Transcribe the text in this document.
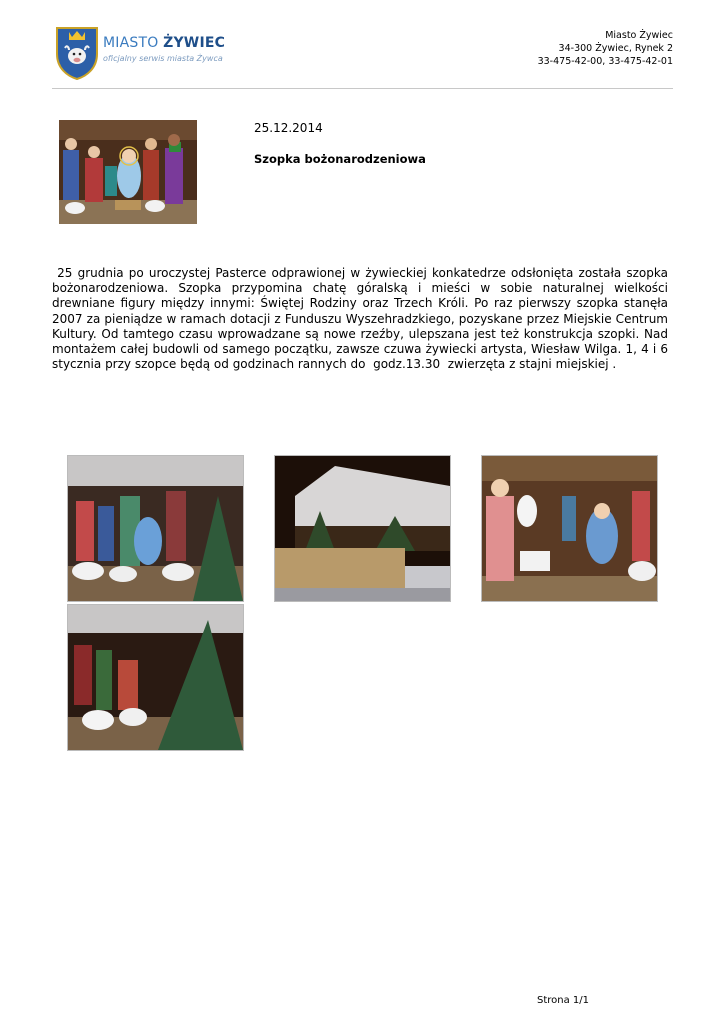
MIASTO ŻYWIEC
oficjalny serwis miasta Żywca
Miasto Żywiec
34-300 Żywiec, Rynek 2
33-475-42-00, 33-475-42-01
25.12.2014
Szopka bożonarodzeniowa
25 grudnia po uroczystej Pasterce odprawionej w żywieckiej konkatedrze odsłonięta została szopka bożonarodzeniowa. Szopka przypomina chatę góralską i mieści w sobie naturalnej wielkości drewniane figury między innymi: Świętej Rodziny oraz Trzech Króli. Po raz pierwszy szopka stanęła 2007 za pieniądze w ramach dotacji z Funduszu Wyszehradzkiego, pozyskane przez Miejskie Centrum Kultury. Od tamtego czasu wprowadzane są nowe rzeźby, ulepszana jest też konstrukcja szopki. Nad montażem całej budowli od samego początku, zawsze czuwa żywiecki artysta, Wiesław Wilga. 1, 4 i 6 stycznia przy szopce będą od godzinach rannych do  godz.13.30  zwierzęta z stajni miejskiej .
Strona 1/1
